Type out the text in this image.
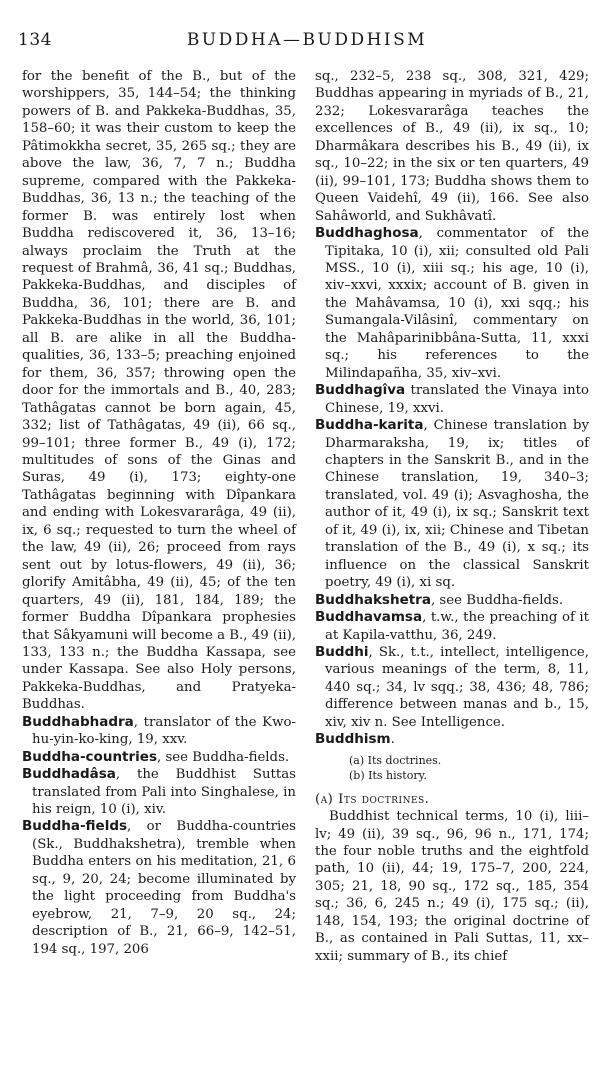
134	BUDDHA—BUDDHISM

for the benefit of the B., but of the worshippers, 35, 144–54; the thinking powers of B. and Pakkeka-Buddhas, 35, 158–60; it was their custom to keep the Pâtimokkha secret, 35, 265 sq.; they are above the law, 36, 7, 7 n.; Buddha supreme, compared with the Pakkeka-Buddhas, 36, 13 n.; the teaching of the former B. was entirely lost when Buddha rediscovered it, 36, 13–16; always proclaim the Truth at the request of Brahmâ, 36, 41 sq.; Buddhas, Pakkeka-Buddhas, and disciples of Buddha, 36, 101; there are B. and Pakkeka-Buddhas in the world, 36, 101; all B. are alike in all the Buddha-qualities, 36, 133–5; preaching enjoined for them, 36, 357; throwing open the door for the immortals and B., 40, 283; Tathâgatas cannot be born again, 45, 332; list of Tathâgatas, 49 (ii), 66 sq., 99–101; three former B., 49 (i), 172; multitudes of sons of the Ginas and Suras, 49 (i), 173; eighty-one Tathâgatas beginning with Dîpankara and ending with Lokesvararâga, 49 (ii), ix, 6 sq.; requested to turn the wheel of the law, 49 (ii), 26; proceed from rays sent out by lotus-flowers, 49 (ii), 36; glorify Amitâbha, 49 (ii), 45; of the ten quarters, 49 (ii), 181, 184, 189; the former Buddha Dîpankara prophesies that Sâkyamuni will become a B., 49 (ii), 133, 133 n.; the Buddha Kassapa, see under Kassapa. See also Holy persons, Pakkeka-Buddhas, and Pratyeka-Buddhas.

Buddhabhadra, translator of the Kwo-hu-yin-ko-king, 19, xxv.

Buddha-countries, see Buddha-fields.

Buddhadâsa, the Buddhist Suttas translated from Pali into Singhalese, in his reign, 10 (i), xiv.

Buddha-fields, or Buddha-countries (Sk., Buddhakshetra), tremble when Buddha enters on his meditation, 21, 6 sq., 9, 20, 24; become illuminated by the light proceeding from Buddha's eyebrow, 21, 7–9, 20 sq., 24; description of B., 21, 66–9, 142–51, 194 sq., 197, 206

sq., 232–5, 238 sq., 308, 321, 429; Buddhas appearing in myriads of B., 21, 232; Lokesvararâga teaches the excellences of B., 49 (ii), ix sq., 10; Dharmâkara describes his B., 49 (ii), ix sq., 10–22; in the six or ten quarters, 49 (ii), 99–101, 173; Buddha shows them to Queen Vaidehî, 49 (ii), 166. See also Sahâworld, and Sukhâvatî.

Buddhaghosa, commentator of the Tipitaka, 10 (i), xii; consulted old Pali MSS., 10 (i), xiii sq.; his age, 10 (i), xiv–xxvi, xxxix; account of B. given in the Mahâvamsa, 10 (i), xxi sqq.; his Sumangala-Vilâsinî, commentary on the Mahâparinibbâna-Sutta, 11, xxxi sq.; his references to the Milindapañha, 35, xiv–xvi.

Buddhagîva translated the Vinaya into Chinese, 19, xxvi.

Buddha-karita, Chinese translation by Dharmaraksha, 19, ix; titles of chapters in the Sanskrit B., and in the Chinese translation, 19, 340–3; translated, vol. 49 (i); Asvaghosha, the author of it, 49 (i), ix sq.; Sanskrit text of it, 49 (i), ix, xii; Chinese and Tibetan translation of the B., 49 (i), x sq.; its influence on the classical Sanskrit poetry, 49 (i), xi sq.

Buddhakshetra, see Buddha-fields.

Buddhavamsa, t.w., the preaching of it at Kapila-vatthu, 36, 249.

Buddhi, Sk., t.t., intellect, intelligence, various meanings of the term, 8, 11, 440 sq.; 34, lv sqq.; 38, 436; 48, 786; difference between manas and b., 15, xiv, xiv n. See Intelligence.

Buddhism.

(a) Its doctrines.
(b) Its history.
(a) Its doctrines.

Buddhist technical terms, 10 (i), liii–lv; 49 (ii), 39 sq., 96, 96 n., 171, 174; the four noble truths and the eightfold path, 10 (ii), 44; 19, 175–7, 200, 224, 305; 21, 18, 90 sq., 172 sq., 185, 354 sq.; 36, 6, 245 n.; 49 (i), 175 sq.; (ii), 148, 154, 193; the original doctrine of B., as contained in Pali Suttas, 11, xx–xxii; summary of B., its chief
